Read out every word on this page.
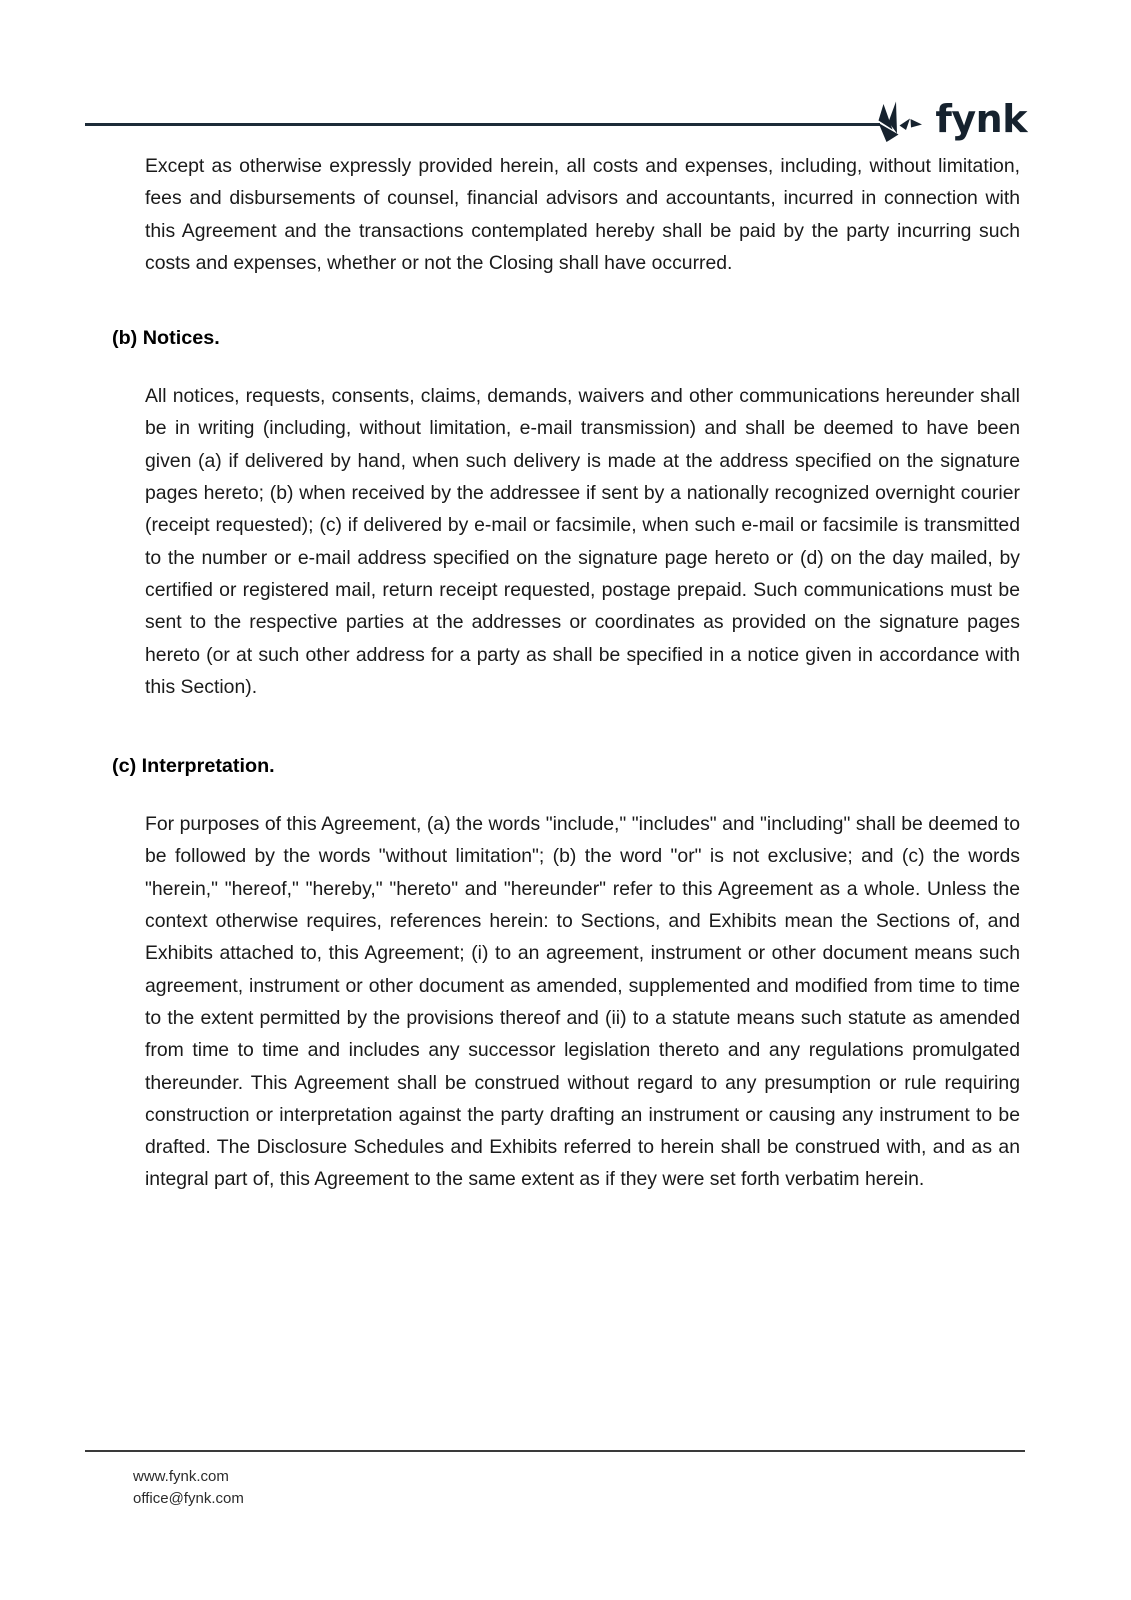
fynk

Except as otherwise expressly provided herein, all costs and expenses, including, without limitation, fees and disbursements of counsel, financial advisors and accountants, incurred in connection with this Agreement and the transactions contemplated hereby shall be paid by the party incurring such costs and expenses, whether or not the Closing shall have occurred.

(b) Notices.

All notices, requests, consents, claims, demands, waivers and other communications hereunder shall be in writing (including, without limitation, e-mail transmission) and shall be deemed to have been given (a) if delivered by hand, when such delivery is made at the address specified on the signature pages hereto; (b) when received by the addressee if sent by a nationally recognized overnight courier (receipt requested); (c) if delivered by e-mail or facsimile, when such e-mail or facsimile is transmitted to the number or e-mail address specified on the signature page hereto or (d) on the day mailed, by certified or registered mail, return receipt requested, postage prepaid. Such communications must be sent to the respective parties at the addresses or coordinates as provided on the signature pages hereto (or at such other address for a party as shall be specified in a notice given in accordance with this Section).

(c) Interpretation.

For purposes of this Agreement, (a) the words "include," "includes" and "including" shall be deemed to be followed by the words "without limitation"; (b) the word "or" is not exclusive; and (c) the words "herein," "hereof," "hereby," "hereto" and "hereunder" refer to this Agreement as a whole. Unless the context otherwise requires, references herein: to Sections, and Exhibits mean the Sections of, and Exhibits attached to, this Agreement; (i) to an agreement, instrument or other document means such agreement, instrument or other document as amended, supplemented and modified from time to time to the extent permitted by the provisions thereof and (ii) to a statute means such statute as amended from time to time and includes any successor legislation thereto and any regulations promulgated thereunder. This Agreement shall be construed without regard to any presumption or rule requiring construction or interpretation against the party drafting an instrument or causing any instrument to be drafted. The Disclosure Schedules and Exhibits referred to herein shall be construed with, and as an integral part of, this Agreement to the same extent as if they were set forth verbatim herein.

www.fynk.com
office@fynk.com
